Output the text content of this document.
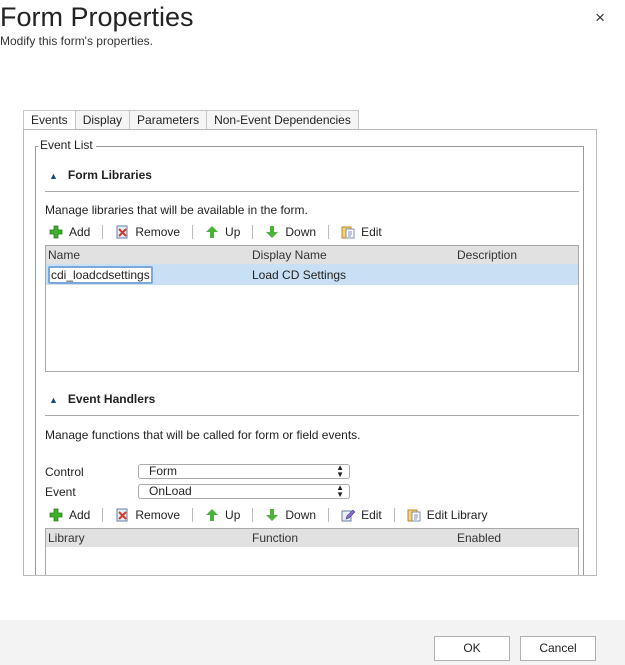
Form Properties
Modify this form's properties.
×
Events	Display	Parameters	Non-Event Dependencies
Event List
▲ Form Libraries
Manage libraries that will be available in the form.
Add	Remove	Up	Down	Edit
Name	Display Name	Description
cdi_loadcdsettings	Load CD Settings
▲ Event Handlers
Manage functions that will be called for form or field events.
Control	Form	▲
▼
Event	OnLoad	▲
▼
Add	Remove	Up	Down	Edit	Edit Library
Library	Function	Enabled
OK	Cancel
